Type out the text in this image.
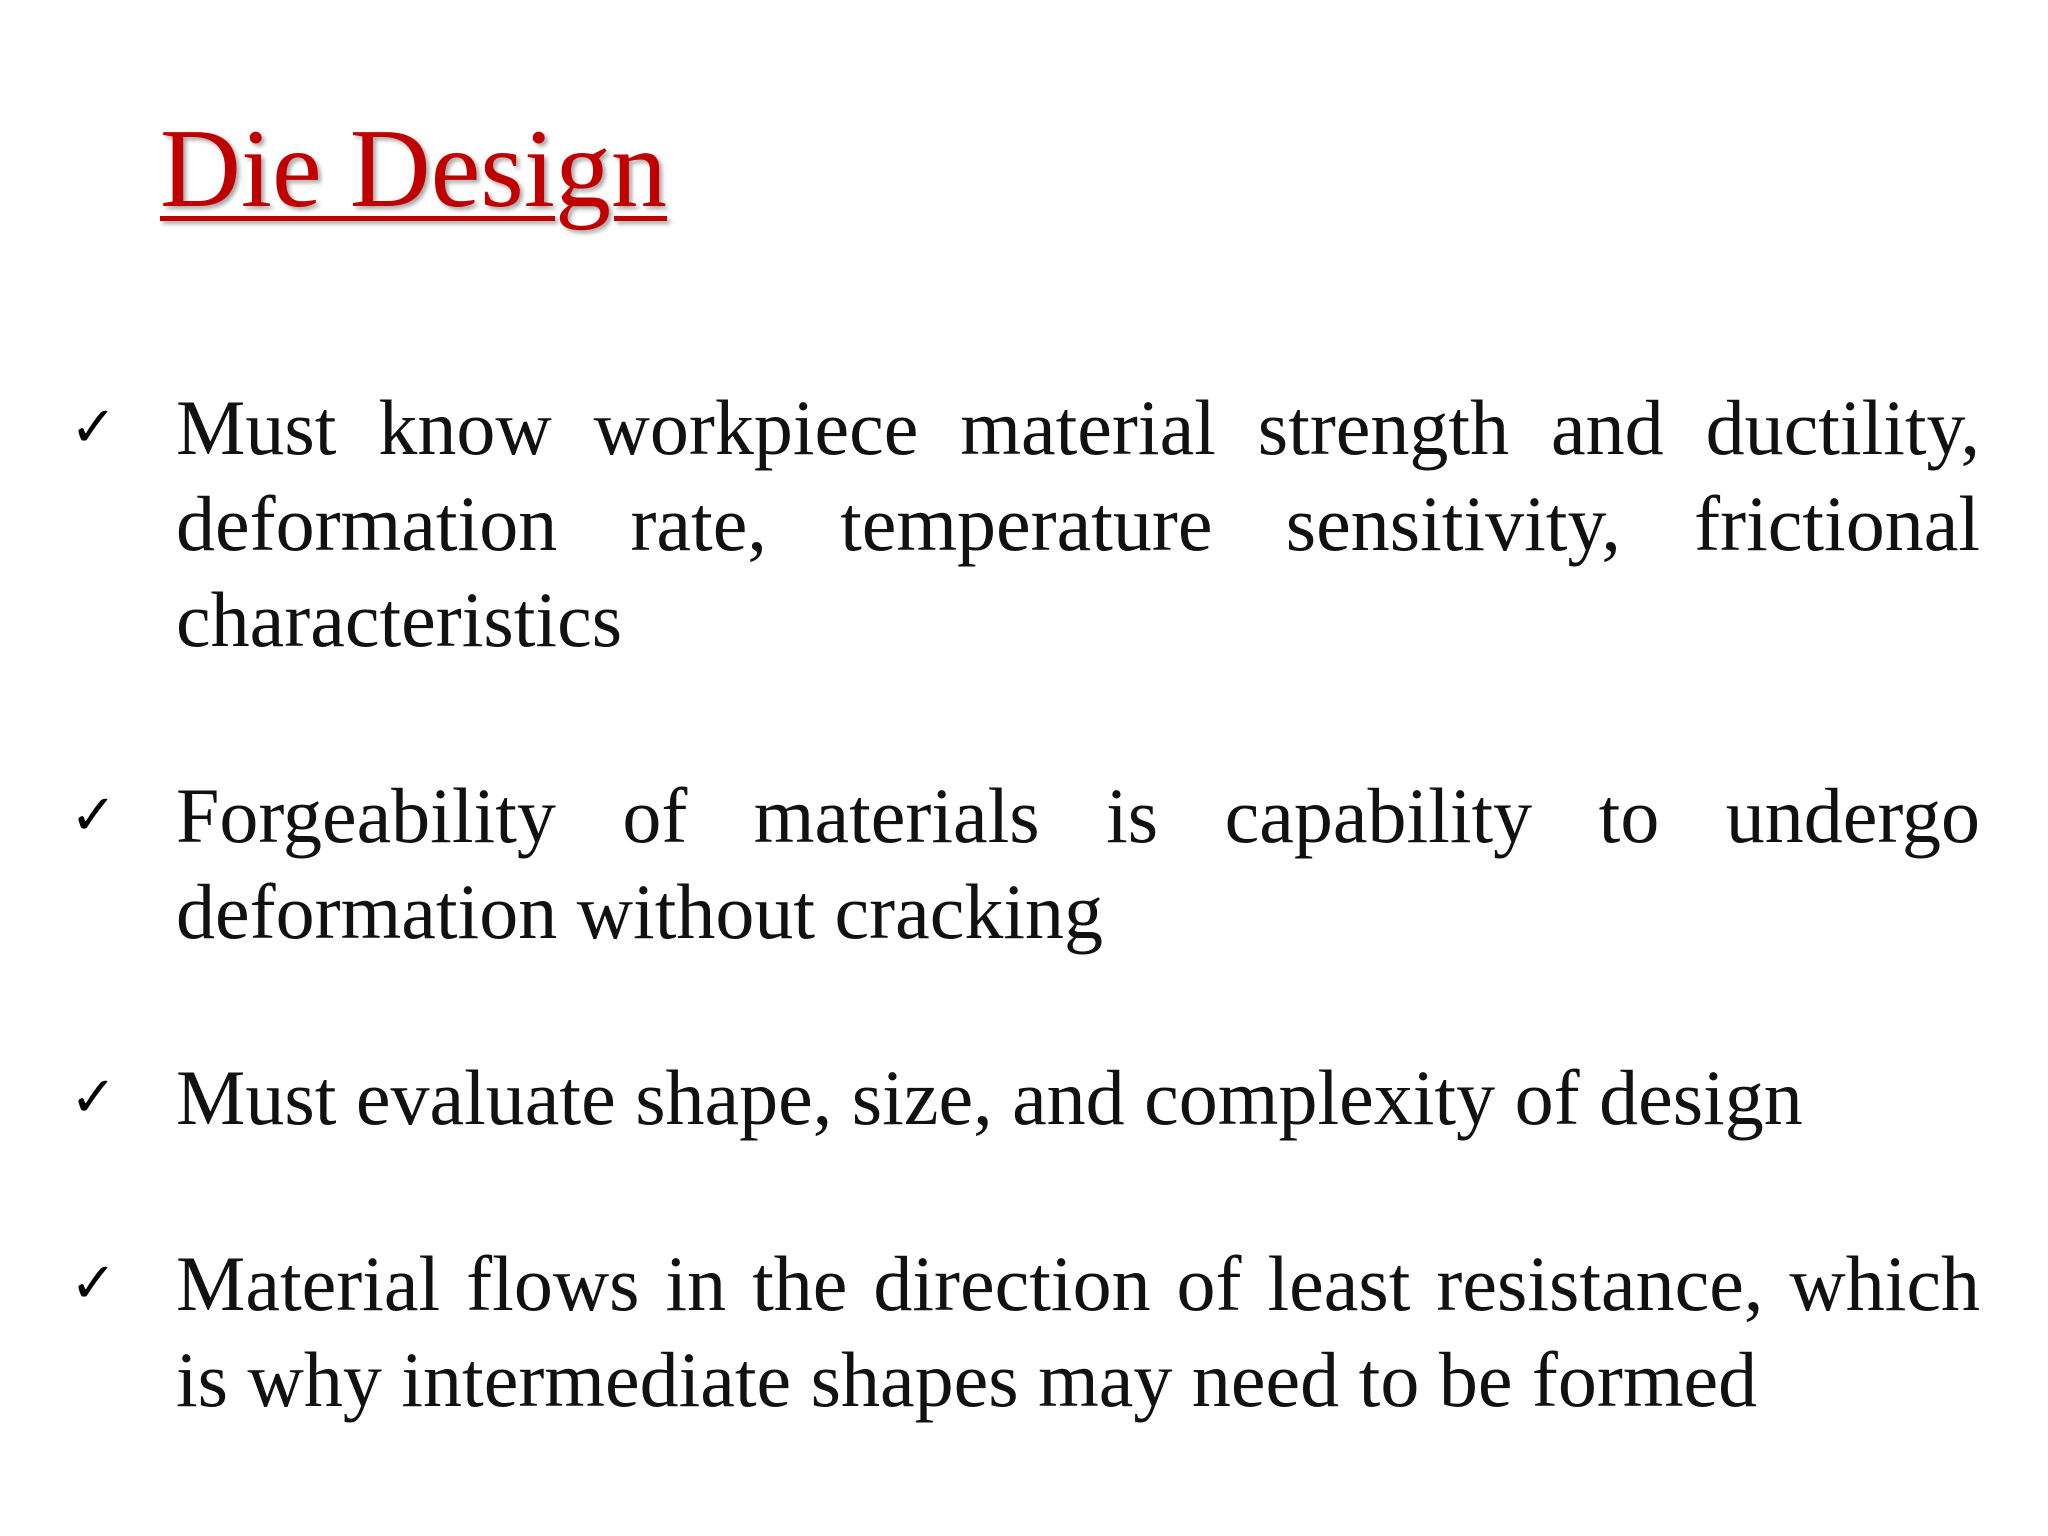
Die Design
✓ Must know workpiece material strength and ductility, deformation rate, temperature sensitivity, frictional characteristics

✓ Forgeability of materials is capability to undergo deformation without cracking

✓ Must evaluate shape, size, and complexity of design

✓ Material flows in the direction of least resistance, which is why intermediate shapes may need to be formed
